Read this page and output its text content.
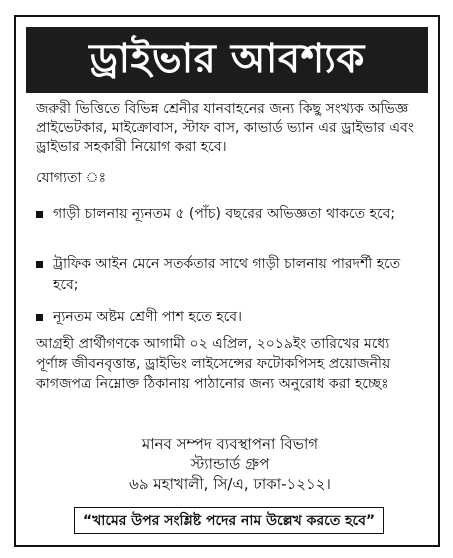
ড্রাইভার আবশ্যক
জরুরী ভিত্তিতে বিভিন্ন শ্রেনীর যানবাহনের জন্য কিছু সংখ্যক অভিজ্ঞ প্রাইভেটকার, মাইক্রোবাস, স্টাফ বাস, কাভার্ড ভ্যান এর ড্রাইভার এবং ড্রাইভার সহকারী নিয়োগ করা হবে।
যোগ্যতা ঃ
গাড়ী চালনায় ন্যূনতম ৫ (পাঁচ) বছরের অভিজ্ঞতা থাকতে হবে;
ট্রাফিক আইন মেনে সতর্কতার সাথে গাড়ী চালনায় পারদর্শী হতে হবে;
ন্যূনতম অষ্টম শ্রেণী পাশ হতে হবে।
আগ্রহী প্রার্থীগণকে আগামী ০২ এপ্রিল, ২০১৯ইং তারিখের মধ্যে পূর্ণাঙ্গ জীবনবৃত্তান্ত, ড্রাইভিং লাইসেন্সের ফটোকপিসহ প্রয়োজনীয় কাগজপত্র নিম্নোক্ত ঠিকানায় পাঠানোর জন্য অনুরোধ করা হচ্ছেঃ
মানব সম্পদ ব্যবস্থাপনা বিভাগ
স্ট্যান্ডার্ড গ্রুপ
৬৯ মহাখালী, সি/এ, ঢাকা-১২১২।
“খামের উপর সংশ্লিষ্ট পদের নাম উল্লেখ করতে হবে”
